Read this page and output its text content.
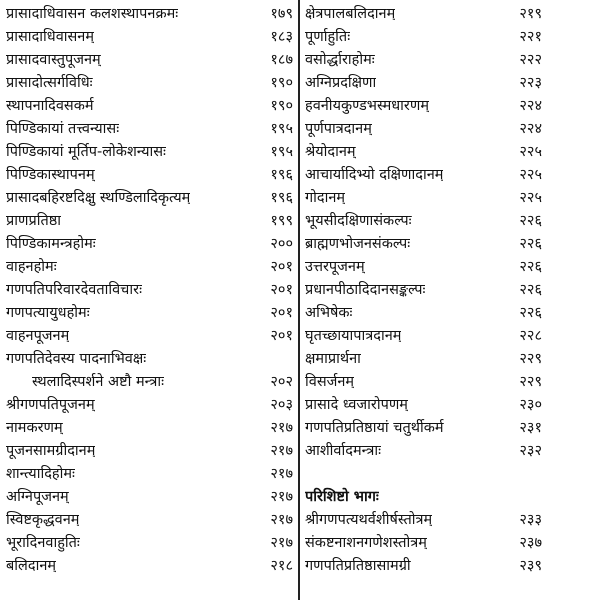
प्रासादाधिवासन कलशस्थापनक्रमः	१७९
प्रासादाधिवासनम्	१८३
प्रासादवास्तुपूजनम्	१८७
प्रासादोत्सर्गविधिः	१९०
स्थापनादिवसकर्म	१९०
पिण्डिकायां तत्त्वन्यासः	१९५
पिण्डिकायां मूर्तिप-लोकेशन्यासः	१९५
पिण्डिकास्थापनम्	१९६
प्रासादबहिरष्टदिक्षु स्थण्डिलादिकृत्यम्	१९६
प्राणप्रतिष्ठा	१९९
पिण्डिकामन्त्रहोमः	२००
वाहनहोमः	२०१
गणपतिपरिवारदेवताविचारः	२०१
गणपत्यायुधहोमः	२०१
वाहनपूजनम्	२०१
गणपतिदेवस्य पादनाभिवक्षः
स्थलादिस्पर्शने अष्टौ मन्त्राः	२०२
श्रीगणपतिपूजनम्	२०३
नामकरणम्	२१७
पूजनसामग्रीदानम्	२१७
शान्त्यादिहोमः	२१७
अग्निपूजनम्	२१७
स्विष्टकृद्धवनम्	२१७
भूरादिनवाहुतिः	२१७
बलिदानम्	२१८
क्षेत्रपालबलिदानम्	२१९
पूर्णाहुतिः	२२१
वसोर्द्धाराहोमः	२२२
अग्निप्रदक्षिणा	२२३
हवनीयकुण्डभस्मधारणम्	२२४
पूर्णपात्रदानम्	२२४
श्रेयोदानम्	२२५
आचार्यादिभ्यो दक्षिणादानम्	२२५
गोदानम्	२२५
भूयसीदक्षिणासंकल्पः	२२६
ब्राह्मणभोजनसंकल्पः	२२६
उत्तरपूजनम्	२२६
प्रधानपीठादिदानसङ्कल्पः	२२६
अभिषेकः	२२६
घृतच्छायापात्रदानम्	२२८
क्षमाप्रार्थना	२२९
विसर्जनम्	२२९
प्रासादे ध्वजारोपणम्	२३०
गणपतिप्रतिष्ठायां चतुर्थीकर्म	२३१
आशीर्वादमन्त्राः	२३२
परिशिष्टो भागः
श्रीगणपत्यथर्वशीर्षस्तोत्रम्	२३३
संकष्टनाशनगणेशस्तोत्रम्	२३७
गणपतिप्रतिष्ठासामग्री	२३९
